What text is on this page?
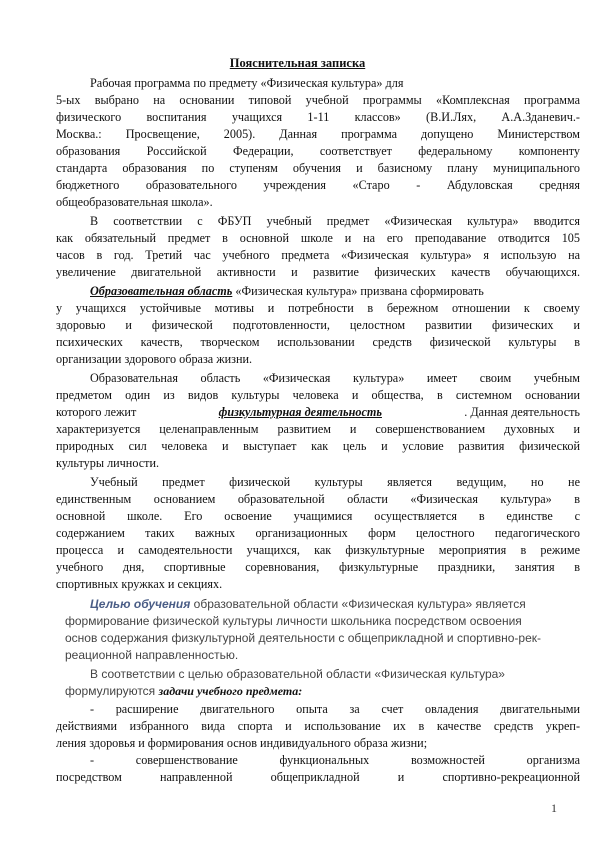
Пояснительная записка
Рабочая программа по предмету «Физическая культура» для
5-ых выбрано на основании типовой учебной программы «Комплексная программа
физического воспитания учащихся 1-11 классов» (В.И.Лях, А.А.Зданевич.-
Москва.: Просвещение, 2005). Данная программа допущено Министерством
образования Российской Федерации, соответствует федеральному компоненту
стандарта образования по ступеням обучения и базисному плану муниципального
бюджетного образовательного учреждения «Старо - Абдуловская средняя
общеобразовательная школа».
В соответствии с ФБУП учебный предмет «Физическая культура» вводится
как обязательный предмет в основной школе и на его преподавание отводится 105
часов в год. Третий час учебного предмета «Физическая культура» я использую на
увеличение двигательной активности и развитие физических качеств обучающихся.
Образовательная область «Физическая культура» призвана сформировать
у учащихся устойчивые мотивы и потребности в бережном отношении к своему
здоровью и физической подготовленности, целостном развитии физических и
психических качеств, творческом использовании средств физической культуры в
организации здорового образа жизни.
Образовательная область «Физическая культура» имеет своим учебным
предметом один из видов культуры человека и общества, в системном основании
которого лежит	физкультурная деятельность	. Данная деятельность
характеризуется целенаправленным развитием и совершенствованием духовных и
природных сил человека и выступает как цель и условие развития физической
культуры личности.
Учебный предмет физической культуры является ведущим, но не
единственным основанием образовательной области «Физическая культура» в
основной школе. Его освоение учащимися осуществляется в единстве с
содержанием таких важных организационных форм целостного педагогического
процесса и самодеятельности учащихся, как физкультурные мероприятия в режиме
учебного дня, спортивные соревнования, физкультурные праздники, занятия в
спортивных кружках и секциях.
Целью обучения образовательной области «Физическая культура» является
формирование физической культуры личности школьника посредством освоения
основ содержания физкультурной деятельности с общеприкладной и спортивно-рек-
реационной направленностью.
В соответствии с целью образовательной области «Физическая культура»
формулируются задачи учебного предмета:
- расширение двигательного опыта за счет овладения двигательными
действиями избранного вида спорта и использование их в качестве средств укреп-
ления здоровья и формирования основ индивидуального образа жизни;
- совершенствование функциональных возможностей организма
посредством направленной общеприкладной и спортивно-рекреационной
1
